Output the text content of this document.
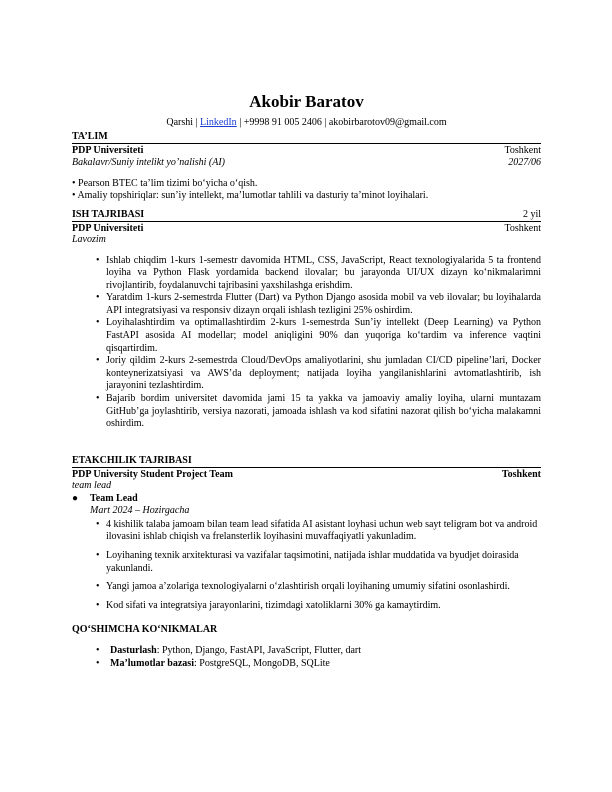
Akobir Baratov
Qarshi | LinkedIn | +9998 91 005 2406 | akobirbarotov09@gmail.com
TA’LIM
PDP Universiteti	Toshkent
Bakalavr/Suniy intelikt yo’nalishi (AI)	2027/06
• Pearson BTEC ta’lim tizimi bo‘yicha o‘qish.
• Amaliy topshiriqlar: sun’iy intellekt, ma’lumotlar tahlili va dasturiy ta’minot loyihalari.
ISH TAJRIBASI	2 yil
PDP Universiteti	Toshkent
Lavozim
• Ishlab chiqdim 1-kurs 1-semestr davomida HTML, CSS, JavaScript, React texnologiyalarida 5 ta frontend loyiha va Python Flask yordamida backend ilovalar; bu jarayonda UI/UX dizayn ko‘nikmalarimni rivojlantirib, foydalanuvchi tajribasini yaxshilashga erishdim.
• Yaratdim 1-kurs 2-semestrda Flutter (Dart) va Python Django asosida mobil va veb ilovalar; bu loyihalarda API integratsiyasi va responsiv dizayn orqali ishlash tezligini 25% oshirdim.
• Loyihalashtirdim va optimallashtirdim 2-kurs 1-semestrda Sun’iy intellekt (Deep Learning) va Python FastAPI asosida AI modellar; model aniqligini 90% dan yuqoriga ko‘tardim va inference vaqtini qisqartirdim.
• Joriy qildim 2-kurs 2-semestrda Cloud/DevOps amaliyotlarini, shu jumladan CI/CD pipeline’lari, Docker konteynerizatsiyasi va AWS’da deployment; natijada loyiha yangilanishlarini avtomatlashtirib, ish jarayonini tezlashtirdim.
• Bajarib bordim universitet davomida jami 15 ta yakka va jamoaviy amaliy loyiha, ularni muntazam GitHub’ga joylashtirib, versiya nazorati, jamoada ishlash va kod sifatini nazorat qilish bo‘yicha malakamni oshirdim.
ETAKCHILIK TAJRIBASI
PDP University Student Project Team	Toshkent
team lead
● Team Lead
Mart 2024 – Hozirgacha
• 4 kishilik talaba jamoam bilan team lead sifatida AI asistant loyhasi uchun web sayt teligram bot va android ilovasini ishlab chiqish va frelansterlik loyihasini muvaffaqiyatli yakunladim.
• Loyihaning texnik arxitekturasi va vazifalar taqsimotini, natijada ishlar muddatida va byudjet doirasida yakunlandi.
• Yangi jamoa a’zolariga texnologiyalarni o‘zlashtirish orqali loyihaning umumiy sifatini osonlashirdi.
• Kod sifati va integratsiya jarayonlarini, tizimdagi xatoliklarni 30% ga kamaytirdim.
QO‘SHIMCHA KO‘NIKMALAR
• Dasturlash: Python, Django, FastAPI, JavaScript, Flutter, dart
• Ma’lumotlar bazasi: PostgreSQL, MongoDB, SQLite
